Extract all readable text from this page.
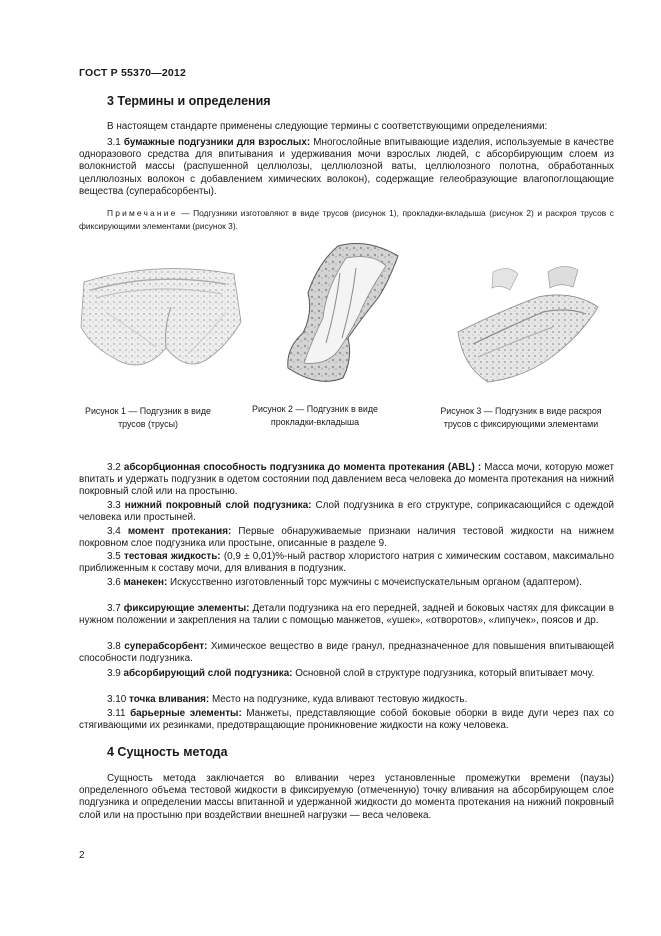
ГОСТ Р 55370—2012
3 Термины и определения
В настоящем стандарте применены следующие термины с соответствующими определениями:
3.1 бумажные подгузники для взрослых: Многослойные впитывающие изделия, используемые в качестве одноразового средства для впитывания и удерживания мочи взрослых людей, с абсорбирующим слоем из волокнистой массы (распушенной целлюлозы, целлюлозной ваты, целлюлозного полотна, обработанных целлюлозных волокон с добавлением химических волокон), содержащие гелеобразующие влагопоглощающие вещества (суперабсорбенты).
Примечание — Подгузники изготовляют в виде трусов (рисунок 1), прокладки-вкладыша (рисунок 2) и раскроя трусов с фиксирующими элементами (рисунок 3).
Рисунок 1 — Подгузник в виде трусов (трусы)
Рисунок 2 — Подгузник в виде прокладки-вкладыша
Рисунок 3 — Подгузник в виде раскроя трусов с фиксирующими элементами
3.2 абсорбционная способность подгузника до момента протекания (ABL) : Масса мочи, которую может впитать и удержать подгузник в одетом состоянии под давлением веса человека до момента протекания на нижний покровный слой или на простыню.
3.3 нижний покровный слой подгузника: Слой подгузника в его структуре, соприкасающийся с одеждой человека или простыней.
3.4 момент протекания: Первые обнаруживаемые признаки наличия тестовой жидкости на нижнем покровном слое подгузника или простыне, описанные в разделе 9.
3.5 тестовая жидкость: (0,9 ± 0,01)%-ный раствор хлористого натрия с химическим составом, максимально приближенным к составу мочи, для вливания в подгузник.
3.6 манекен: Искусственно изготовленный торс мужчины с мочеиспускательным органом (адаптером).
3.7 фиксирующие элементы: Детали подгузника на его передней, задней и боковых частях для фиксации в нужном положении и закрепления на талии с помощью манжетов, «ушек», «отворотов», «липучек», поясов и др.
3.8 суперабсорбент: Химическое вещество в виде гранул, предназначенное для повышения впитывающей способности подгузника.
3.9 абсорбирующий слой подгузника: Основной слой в структуре подгузника, который впитывает мочу.
3.10 точка вливания: Место на подгузнике, куда вливают тестовую жидкость.
3.11 барьерные элементы: Манжеты, представляющие собой боковые оборки в виде дуги через пах со стягивающими их резинками, предотвращающие проникновение жидкости на кожу человека.
4 Сущность метода
Сущность метода заключается во вливании через установленные промежутки времени (паузы) определенного объема тестовой жидкости в фиксируемую (отмеченную) точку вливания на абсорбирующем слое подгузника и определении массы впитанной и удержанной жидкости до момента протекания на нижний покровный слой или на простыню при воздействии внешней нагрузки — веса человека.
2
